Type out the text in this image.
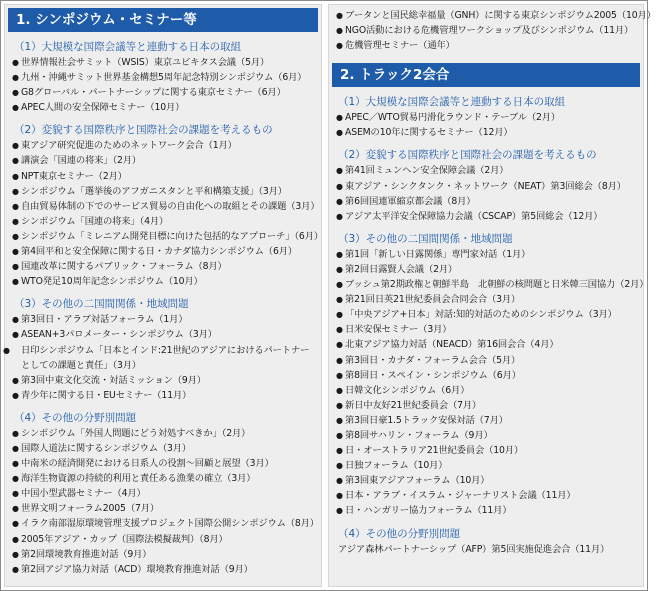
1. シンポジウム・セミナー等
（1）大規模な国際会議等と連動する日本の取組
● 世界情報社会サミット（WSIS）東京ユビキタス会議（5月）
● 九州・沖縄サミット世界基金構想5周年記念特別シンポジウム（6月）
● G8グローバル・パートナーシップに関する東京セミナー（6月）
● APEC人間の安全保障セミナー（10月）
（2）変貌する国際秩序と国際社会の課題を考えるもの
● 東アジア研究促進のためのネットワーク会合（1月）
● 講演会「国連の将来」（2月）
● NPT東京セミナー（2月）
● シンポジウム「選挙後のアフガニスタンと平和構築支援」（3月）
● 自由貿易体制の下でのサービス貿易の自由化への取組とその課題（3月）
● シンポジウム「国連の将来」（4月）
● シンポジウム「ミレニアム開発目標に向けた包括的なアプローチ」（6月）
● 第4回平和と安全保障に関する日・カナダ協力シンポジウム（6月）
● 国連改革に関するパブリック・フォーラム（8月）
● WTO発足10周年記念シンポジウム（10月）
（3）その他の二国間関係・地域問題
● 第3回日・アラブ対話フォーラム（1月）
● ASEAN+3パロメーター・シンポジウム（3月）
● 日印シンポジウム「日本とインド:21世紀のアジアにおけるパートナーとしての課題と責任」（3月）
● 第3回中東文化交流・対話ミッション（9月）
● 青少年に関する日・EUセミナー（11月）
（4）その他の分野別問題
● シンポジウム「外国人問題にどう対処すべきか」（2月）
● 国際人道法に関するシンポジウム（3月）
● 中南米の経済開発における日系人の役割〜回顧と展望（3月）
● 海洋生物資源の持続的利用と責任ある漁業の確立（3月）
● 中国小型武器セミナー（4月）
● 世界文明フォーラム2005（7月）
● イラク南部湿原環境管理支援プロジェクト国際公開シンポジウム（8月）
● 2005年アジア・カップ（国際法模擬裁判）（8月）
● 第2回環境教育推進対話（9月）
● 第2回アジア協力対話（ACD）環境教育推進対話（9月）
● ブータンと国民総幸福量（GNH）に関する東京シンポジウム2005（10月）
● NGO活動における危機管理ワークショップ及びシンポジウム（11月）
● 危機管理セミナー（通年）
2. トラック2会合
（1）大規模な国際会議等と連動する日本の取組
● APEC／WTO貿易円滑化ラウンド・テーブル（2月）
● ASEMの10年に関するセミナー（12月）
（2）変貌する国際秩序と国際社会の課題を考えるもの
● 第41回ミュンヘン安全保障会議（2月）
● 東アジア・シンクタンク・ネットワーク（NEAT）第3回総会（8月）
● 第6回国連軍縮京都会議（8月）
● アジア太平洋安全保障協力会議（CSCAP）第5回総会（12月）
（3）その他の二国間関係・地域問題
● 第1回「新しい日露関係」専門家対話（1月）
● 第2回日露賢人会議（2月）
● ブッシュ第2期政権と朝鮮半島　北朝鮮の核問題と日米韓三国協力（2月）
● 第21回日英21世紀委員会合同会合（3月）
● 「中央アジア+日本」対話:知的対話のためのシンポジウム（3月）
● 日米安保セミナー（3月）
● 北東アジア協力対話（NEACD）第16回会合（4月）
● 第3回日・カナダ・フォーラム会合（5月）
● 第8回日・スペイン・シンポジウム（6月）
● 日韓文化シンポジウム（6月）
● 新日中友好21世紀委員会（7月）
● 第3回日豪1.5トラック安保対話（7月）
● 第8回サハリン・フォーラム（9月）
● 日・オーストラリア21世紀委員会（10月）
● 日独フォーラム（10月）
● 第3回東アジアフォーラム（10月）
● 日本・アラブ・イスラム・ジャーナリスト会議（11月）
● 日・ハンガリー協力フォーラム（11月）
（4）その他の分野別問題
アジア森林パートナーシップ（AFP）第5回実施促進会合（11月）
